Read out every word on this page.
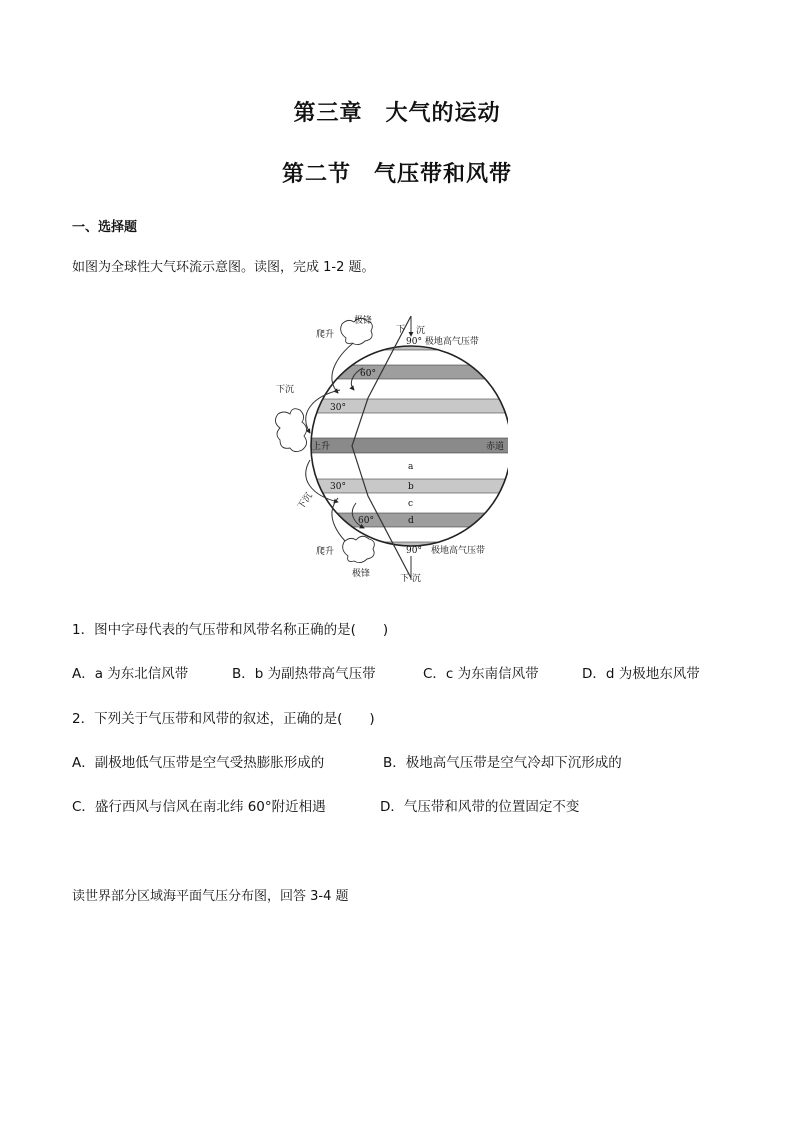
第三章　大气的运动
第二节　气压带和风带
一、选择题
如图为全球性大气环流示意图。读图，完成 1-2 题。
极锋
爬升	下 沉
90° 极地高气压带
60°
下沉
30°
上升	赤道
a
30°	b
下沉	c
60°	d
爬升	90°　极地高气压带
极锋	下 沉
1．图中字母代表的气压带和风带名称正确的是(　　)
A．a 为东北信风带	B．b 为副热带高气压带	C．c 为东南信风带	D．d 为极地东风带
2．下列关于气压带和风带的叙述，正确的是(　　)
A．副极地低气压带是空气受热膨胀形成的	B．极地高气压带是空气冷却下沉形成的
C．盛行西风与信风在南北纬 60°附近相遇	D．气压带和风带的位置固定不变
读世界部分区域海平面气压分布图，回答 3-4 题
